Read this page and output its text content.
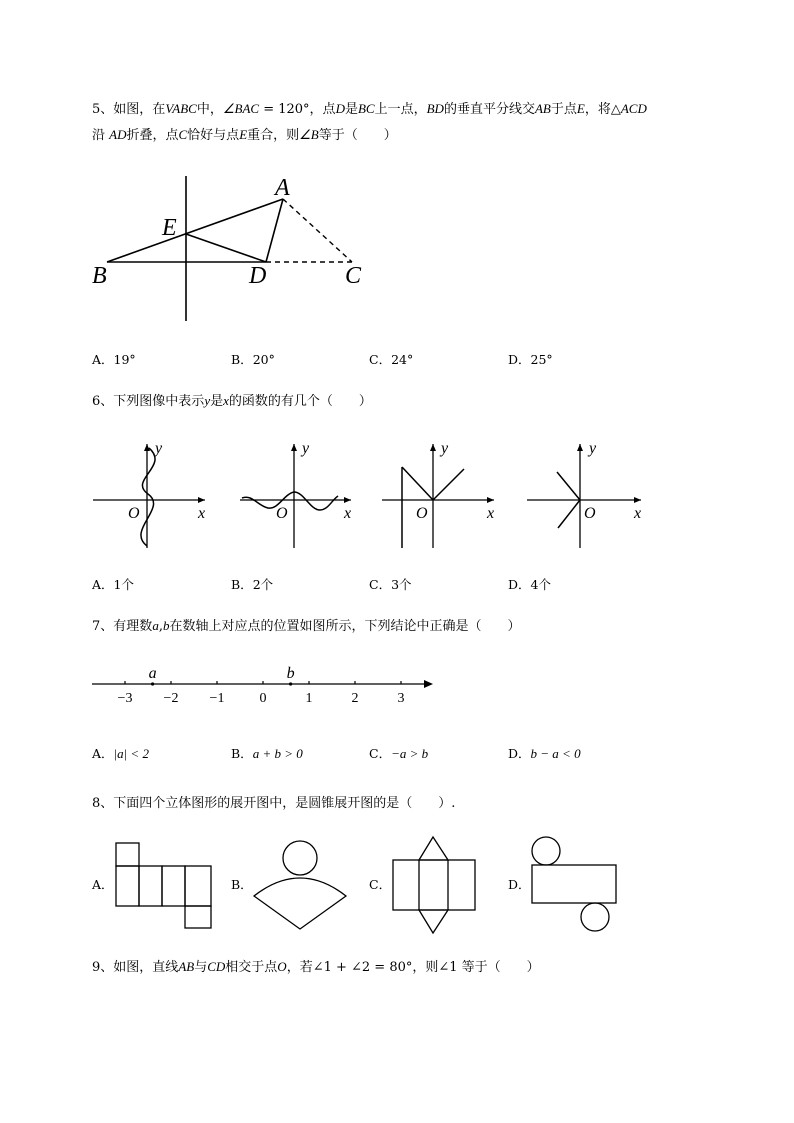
5、如图，在VABC中，∠BAC = 120°，点D是BC上一点，BD的垂直平分线交AB于点E，将△ACD
沿 AD折叠，点C恰好与点E重合，则∠B等于（　　）
A
E
B	D	C
A．19°	B．20°	C．24°	D．25°
6、下列图像中表示y是x的函数的有几个（　　）
y
x
O
y
x
O
y
x
O
y
x
O
A．1个	B．2个	C．3个	D．4个
7、有理数a,b在数轴上对应点的位置如图所示，下列结论中正确是（　　）
−3 −2 −1	0	1	2	3
a	b
A．|a| < 2	B．a + b > 0	C．−a > b	D．b − a < 0
8、下面四个立体图形的展开图中，是圆锥展开图的是（　　）.
A．	B．	C．	D．
9、如图，直线AB与CD相交于点O，若∠1 + ∠2 = 80°，则∠1 等于（　　）
